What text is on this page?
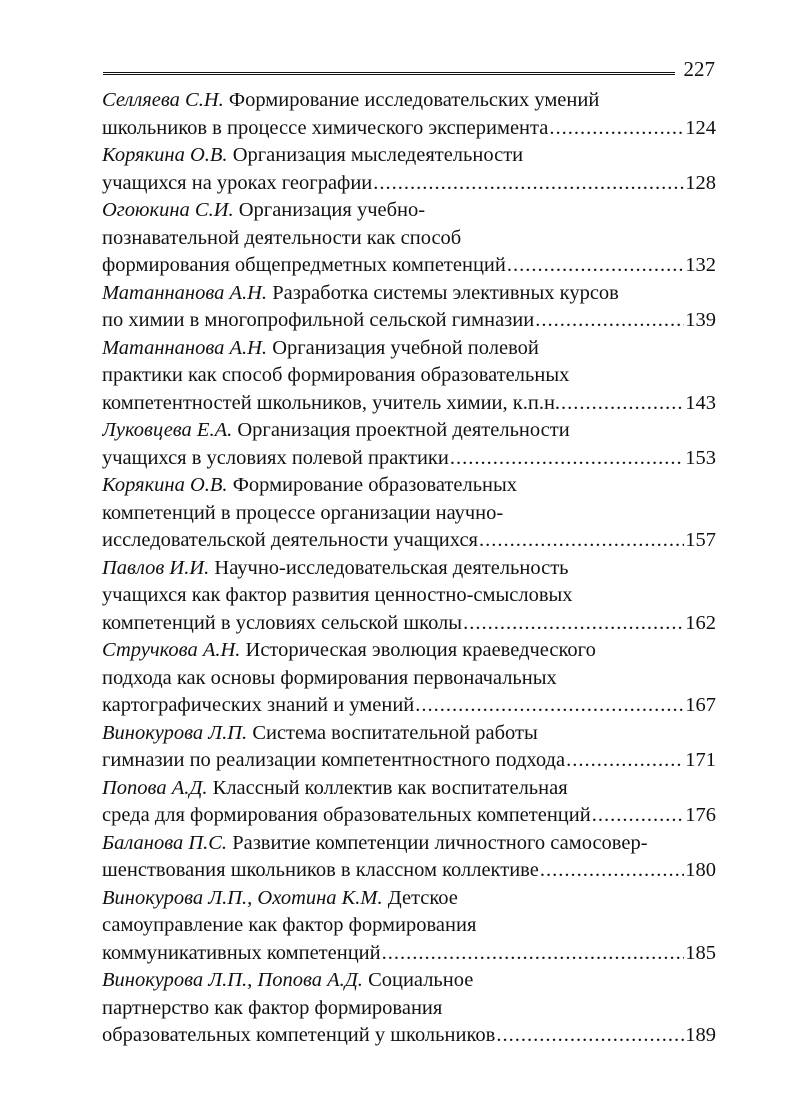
227
Селляева С.Н. Формирование исследовательских умений
школьников в процессе химического эксперимента .....	124
Корякина О.В. Организация мыследеятельности
учащихся на уроках географии .....	128
Огоюкина С.И. Организация учебно-
познавательной деятельности как способ
формирования общепредметных компетенций .....	132
Матаннанова А.Н. Разработка системы элективных курсов
по химии в многопрофильной сельской гимназии .....	139
Матаннанова А.Н. Организация учебной полевой
практики как способ формирования образовательных
компетентностей школьников, учитель химии, к.п.н. .....	143
Луковцева Е.А. Организация проектной деятельности
учащихся в условиях полевой практики .....	153
Корякина О.В. Формирование образовательных
компетенций в процессе организации научно-
исследовательской деятельности учащихся .....	157
Павлов И.И. Научно-исследовательская деятельность
учащихся как фактор развития ценностно-смысловых
компетенций в условиях сельской школы .....	162
Стручкова А.Н. Историческая эволюция краеведческого
подхода как основы формирования первоначальных
картографических знаний и умений .....	167
Винокурова Л.П. Система воспитательной работы
гимназии по реализации компетентностного подхода .....	171
Попова А.Д. Классный коллектив как воспитательная
среда для формирования образовательных компетенций .....	176
Баланова П.С. Развитие компетенции личностного самосовер-
шенствования школьников в классном коллективе .....	180
Винокурова Л.П., Охотина К.М. Детское
самоуправление как фактор формирования
коммуникативных компетенций .....	185
Винокурова Л.П., Попова А.Д. Социальное
партнерство как фактор формирования
образовательных компетенций у школьников .....	189
